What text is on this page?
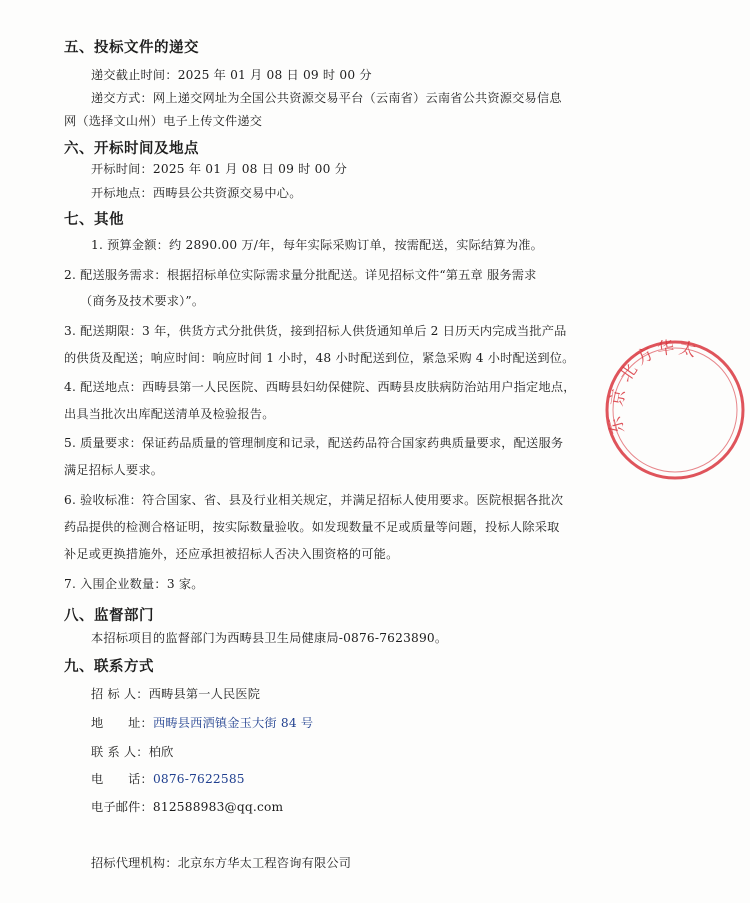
五、投标文件的递交
递交截止时间：2025 年 01 月 08 日 09 时 00 分
递交方式：网上递交网址为全国公共资源交易平台（云南省）云南省公共资源交易信息
网（选择文山州）电子上传文件递交
六、开标时间及地点
开标时间：2025 年 01 月 08 日 09 时 00 分
开标地点：西畴县公共资源交易中心。
七、其他
1. 预算金额：约 2890.00 万/年，每年实际采购订单，按需配送，实际结算为准。
2. 配送服务需求：根据招标单位实际需求量分批配送。详见招标文件“第五章 服务需求
（商务及技术要求）”。
3. 配送期限：3 年，供货方式分批供货，接到招标人供货通知单后 2 日历天内完成当批产品
的供货及配送；响应时间：响应时间 1 小时，48 小时配送到位，紧急采购 4 小时配送到位。
4. 配送地点：西畴县第一人民医院、西畴县妇幼保健院、西畴县皮肤病防治站用户指定地点，
出具当批次出库配送清单及检验报告。
5. 质量要求：保证药品质量的管理制度和记录，配送药品符合国家药典质量要求，配送服务
满足招标人要求。
6. 验收标准：符合国家、省、县及行业相关规定，并满足招标人使用要求。医院根据各批次
药品提供的检测合格证明，按实际数量验收。如发现数量不足或质量等问题，投标人除采取
补足或更换措施外，还应承担被招标人否决入围资格的可能。
7. 入围企业数量：3 家。
八、监督部门
本招标项目的监督部门为西畴县卫生局健康局-0876-7623890。
九、联系方式
招 标 人：西畴县第一人民医院
地　　址：西畴县西洒镇金玉大街 84 号
联 系 人：柏欣
电　　话：0876-7622585
电子邮件：812588983@qq.com
招标代理机构：北京东方华太工程咨询有限公司
北
京
东
方
华 太
